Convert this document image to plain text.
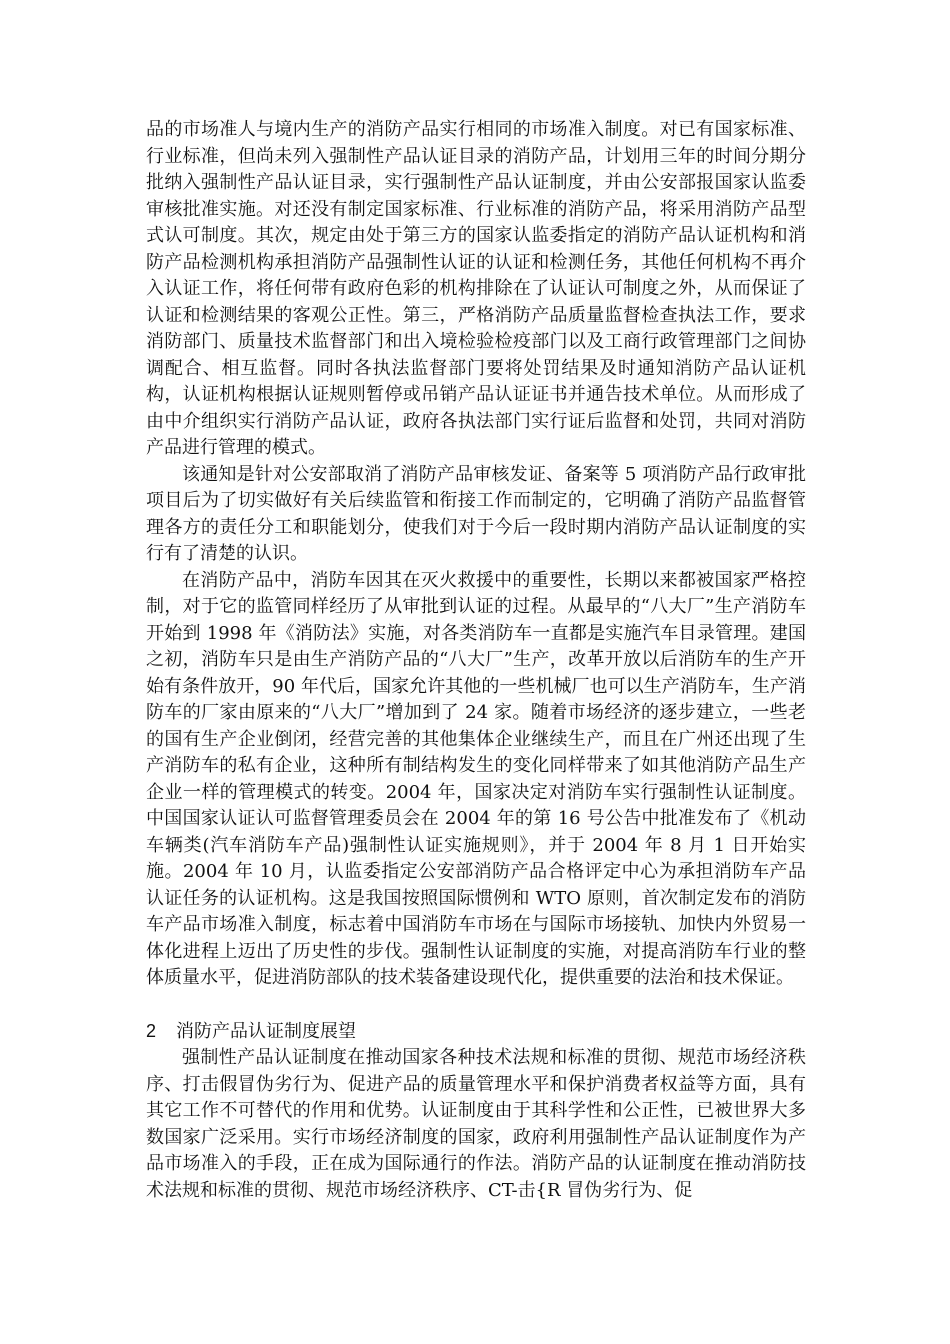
品的市场准人与境内生产的消防产品实行相同的市场准入制度。对已有国家标准、行业标准，但尚未列入强制性产品认证目录的消防产品，计划用三年的时间分期分批纳入强制性产品认证目录，实行强制性产品认证制度，并由公安部报国家认监委审核批准实施。对还没有制定国家标准、行业标准的消防产品，将采用消防产品型式认可制度。其次，规定由处于第三方的国家认监委指定的消防产品认证机构和消防产品检测机构承担消防产品强制性认证的认证和检测任务，其他任何机构不再介入认证工作，将任何带有政府色彩的机构排除在了认证认可制度之外，从而保证了认证和检测结果的客观公正性。第三，严格消防产品质量监督检查执法工作，要求消防部门、质量技术监督部门和出入境检验检疫部门以及工商行政管理部门之间协调配合、相互监督。同时各执法监督部门要将处罚结果及时通知消防产品认证机构，认证机构根据认证规则暂停或吊销产品认证证书并通告技术单位。从而形成了由中介组织实行消防产品认证，政府各执法部门实行证后监督和处罚，共同对消防产品进行管理的模式。

该通知是针对公安部取消了消防产品审核发证、备案等 5 项消防产品行政审批项目后为了切实做好有关后续监管和衔接工作而制定的，它明确了消防产品监督管理各方的责任分工和职能划分，使我们对于今后一段时期内消防产品认证制度的实行有了清楚的认识。

在消防产品中，消防车因其在灭火救援中的重要性，长期以来都被国家严格控制，对于它的监管同样经历了从审批到认证的过程。从最早的“八大厂”生产消防车开始到 1998 年《消防法》实施，对各类消防车一直都是实施汽车目录管理。建国之初，消防车只是由生产消防产品的“八大厂”生产，改革开放以后消防车的生产开始有条件放开，90 年代后，国家允许其他的一些机械厂也可以生产消防车，生产消防车的厂家由原来的“八大厂”增加到了 24 家。随着市场经济的逐步建立，一些老的国有生产企业倒闭，经营完善的其他集体企业继续生产，而且在广州还出现了生产消防车的私有企业，这种所有制结构发生的变化同样带来了如其他消防产品生产企业一样的管理模式的转变。2004 年，国家决定对消防车实行强制性认证制度。中国国家认证认可监督管理委员会在 2004 年的第 16 号公告中批准发布了《机动车辆类(汽车消防车产品)强制性认证实施规则》，并于 2004 年 8 月 1 日开始实施。2004 年 10 月，认监委指定公安部消防产品合格评定中心为承担消防车产品认证任务的认证机构。这是我国按照国际惯例和 WTO 原则，首次制定发布的消防车产品市场准入制度，标志着中国消防车市场在与国际市场接轨、加快内外贸易一体化进程上迈出了历史性的步伐。强制性认证制度的实施，对提高消防车行业的整体质量水平，促进消防部队的技术装备建设现代化，提供重要的法治和技术保证。

2 消防产品认证制度展望

强制性产品认证制度在推动国家各种技术法规和标准的贯彻、规范市场经济秩序、打击假冒伪劣行为、促进产品的质量管理水平和保护消费者权益等方面，具有其它工作不可替代的作用和优势。认证制度由于其科学性和公正性，已被世界大多数国家广泛采用。实行市场经济制度的国家，政府利用强制性产品认证制度作为产品市场准入的手段，正在成为国际通行的作法。消防产品的认证制度在推动消防技术法规和标准的贯彻、规范市场经济秩序、CT-击{R 冒伪劣行为、促
